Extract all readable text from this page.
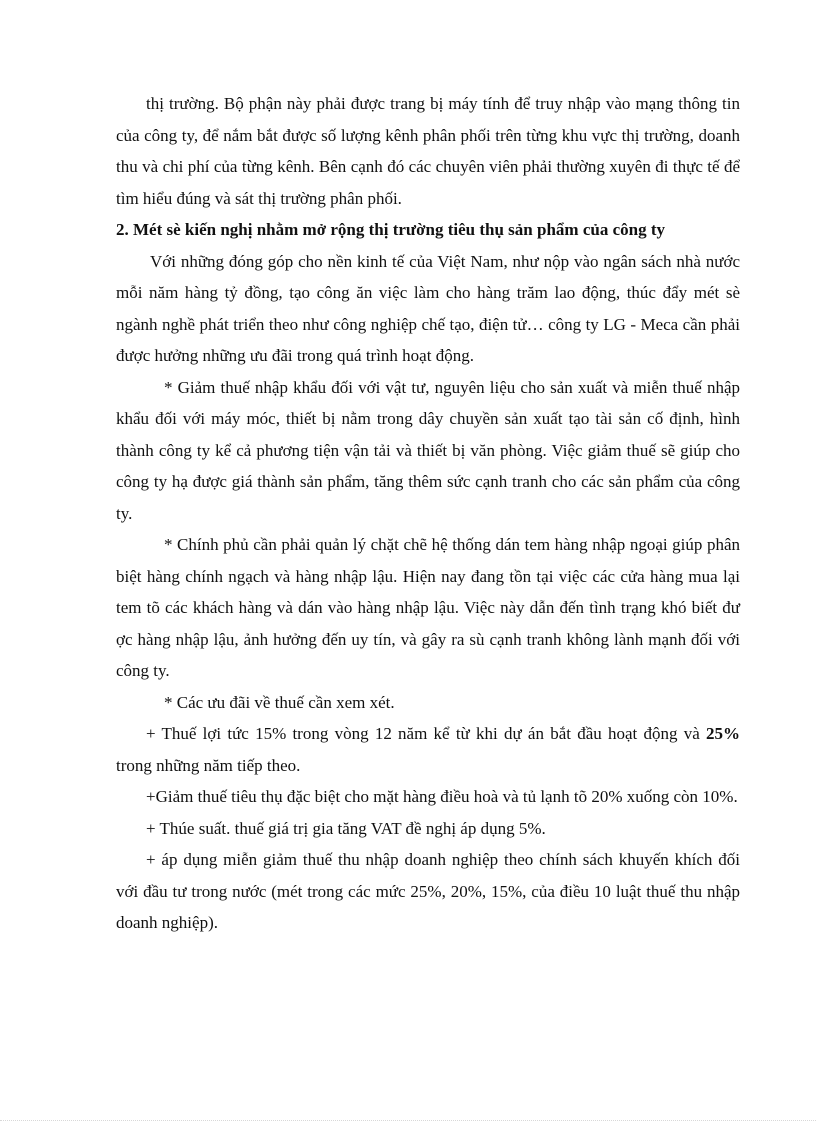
thị trường. Bộ phận này phải được trang bị máy tính để truy nhập vào mạng thông tin của công ty, để nắm bắt được số lượng kênh phân phối trên từng khu vực thị trường, doanh thu và chi phí của từng kênh. Bên cạnh đó các chuyên viên phải thường xuyên đi thực tế để tìm hiểu đúng và sát thị trường phân phối.

2. Mét sè kiến nghị nhằm mở rộng thị trường tiêu thụ sản phẩm của công ty

Với những đóng góp cho nền kinh tế của Việt Nam, như nộp vào ngân sách nhà nước mỗi năm hàng tỷ đồng, tạo công ăn việc làm cho hàng trăm lao động, thúc đẩy mét sè ngành nghề phát triển theo như công nghiệp chế tạo, điện tử… công ty LG - Meca cần phải được hưởng những ưu đãi trong quá trình hoạt động.

* Giảm thuế nhập khẩu đối với vật tư, nguyên liệu cho sản xuất và miễn thuế nhập khẩu đối với máy móc, thiết bị nằm trong dây chuyền sản xuất tạo tài sản cố định, hình thành công ty kể cả phương tiện vận tải và thiết bị văn phòng. Việc giảm thuế sẽ giúp cho công ty hạ được giá thành sản phẩm, tăng thêm sức cạnh tranh cho các sản phẩm của công ty.

* Chính phủ cần phải quản lý chặt chẽ hệ thống dán tem hàng nhập ngoại giúp phân biệt hàng chính ngạch và hàng nhập lậu. Hiện nay đang tồn tại việc các cửa hàng mua lại tem tõ các khách hàng và dán vào hàng nhập lậu. Việc này dẫn đến tình trạng khó biết đư ợc hàng nhập lậu, ảnh hưởng đến uy tín, và gây ra sù cạnh tranh không lành mạnh đối với công ty.

* Các ưu đãi về thuế cần xem xét.

+ Thuế lợi tức 15% trong vòng 12 năm kể từ khi dự án bắt đầu hoạt động và 25% trong những năm tiếp theo.

+Giảm thuế tiêu thụ đặc biệt cho mặt hàng điều hoà và tủ lạnh tõ 20% xuống còn 10%.

+ Thúe suất. thuế giá trị gia tăng VAT đề nghị áp dụng 5%.

+ áp dụng miễn giảm thuế thu nhập doanh nghiệp theo chính sách khuyến khích đối với đầu tư trong nước (mét trong các mức 25%, 20%, 15%, của điều 10 luật thuế thu nhập doanh nghiệp).
